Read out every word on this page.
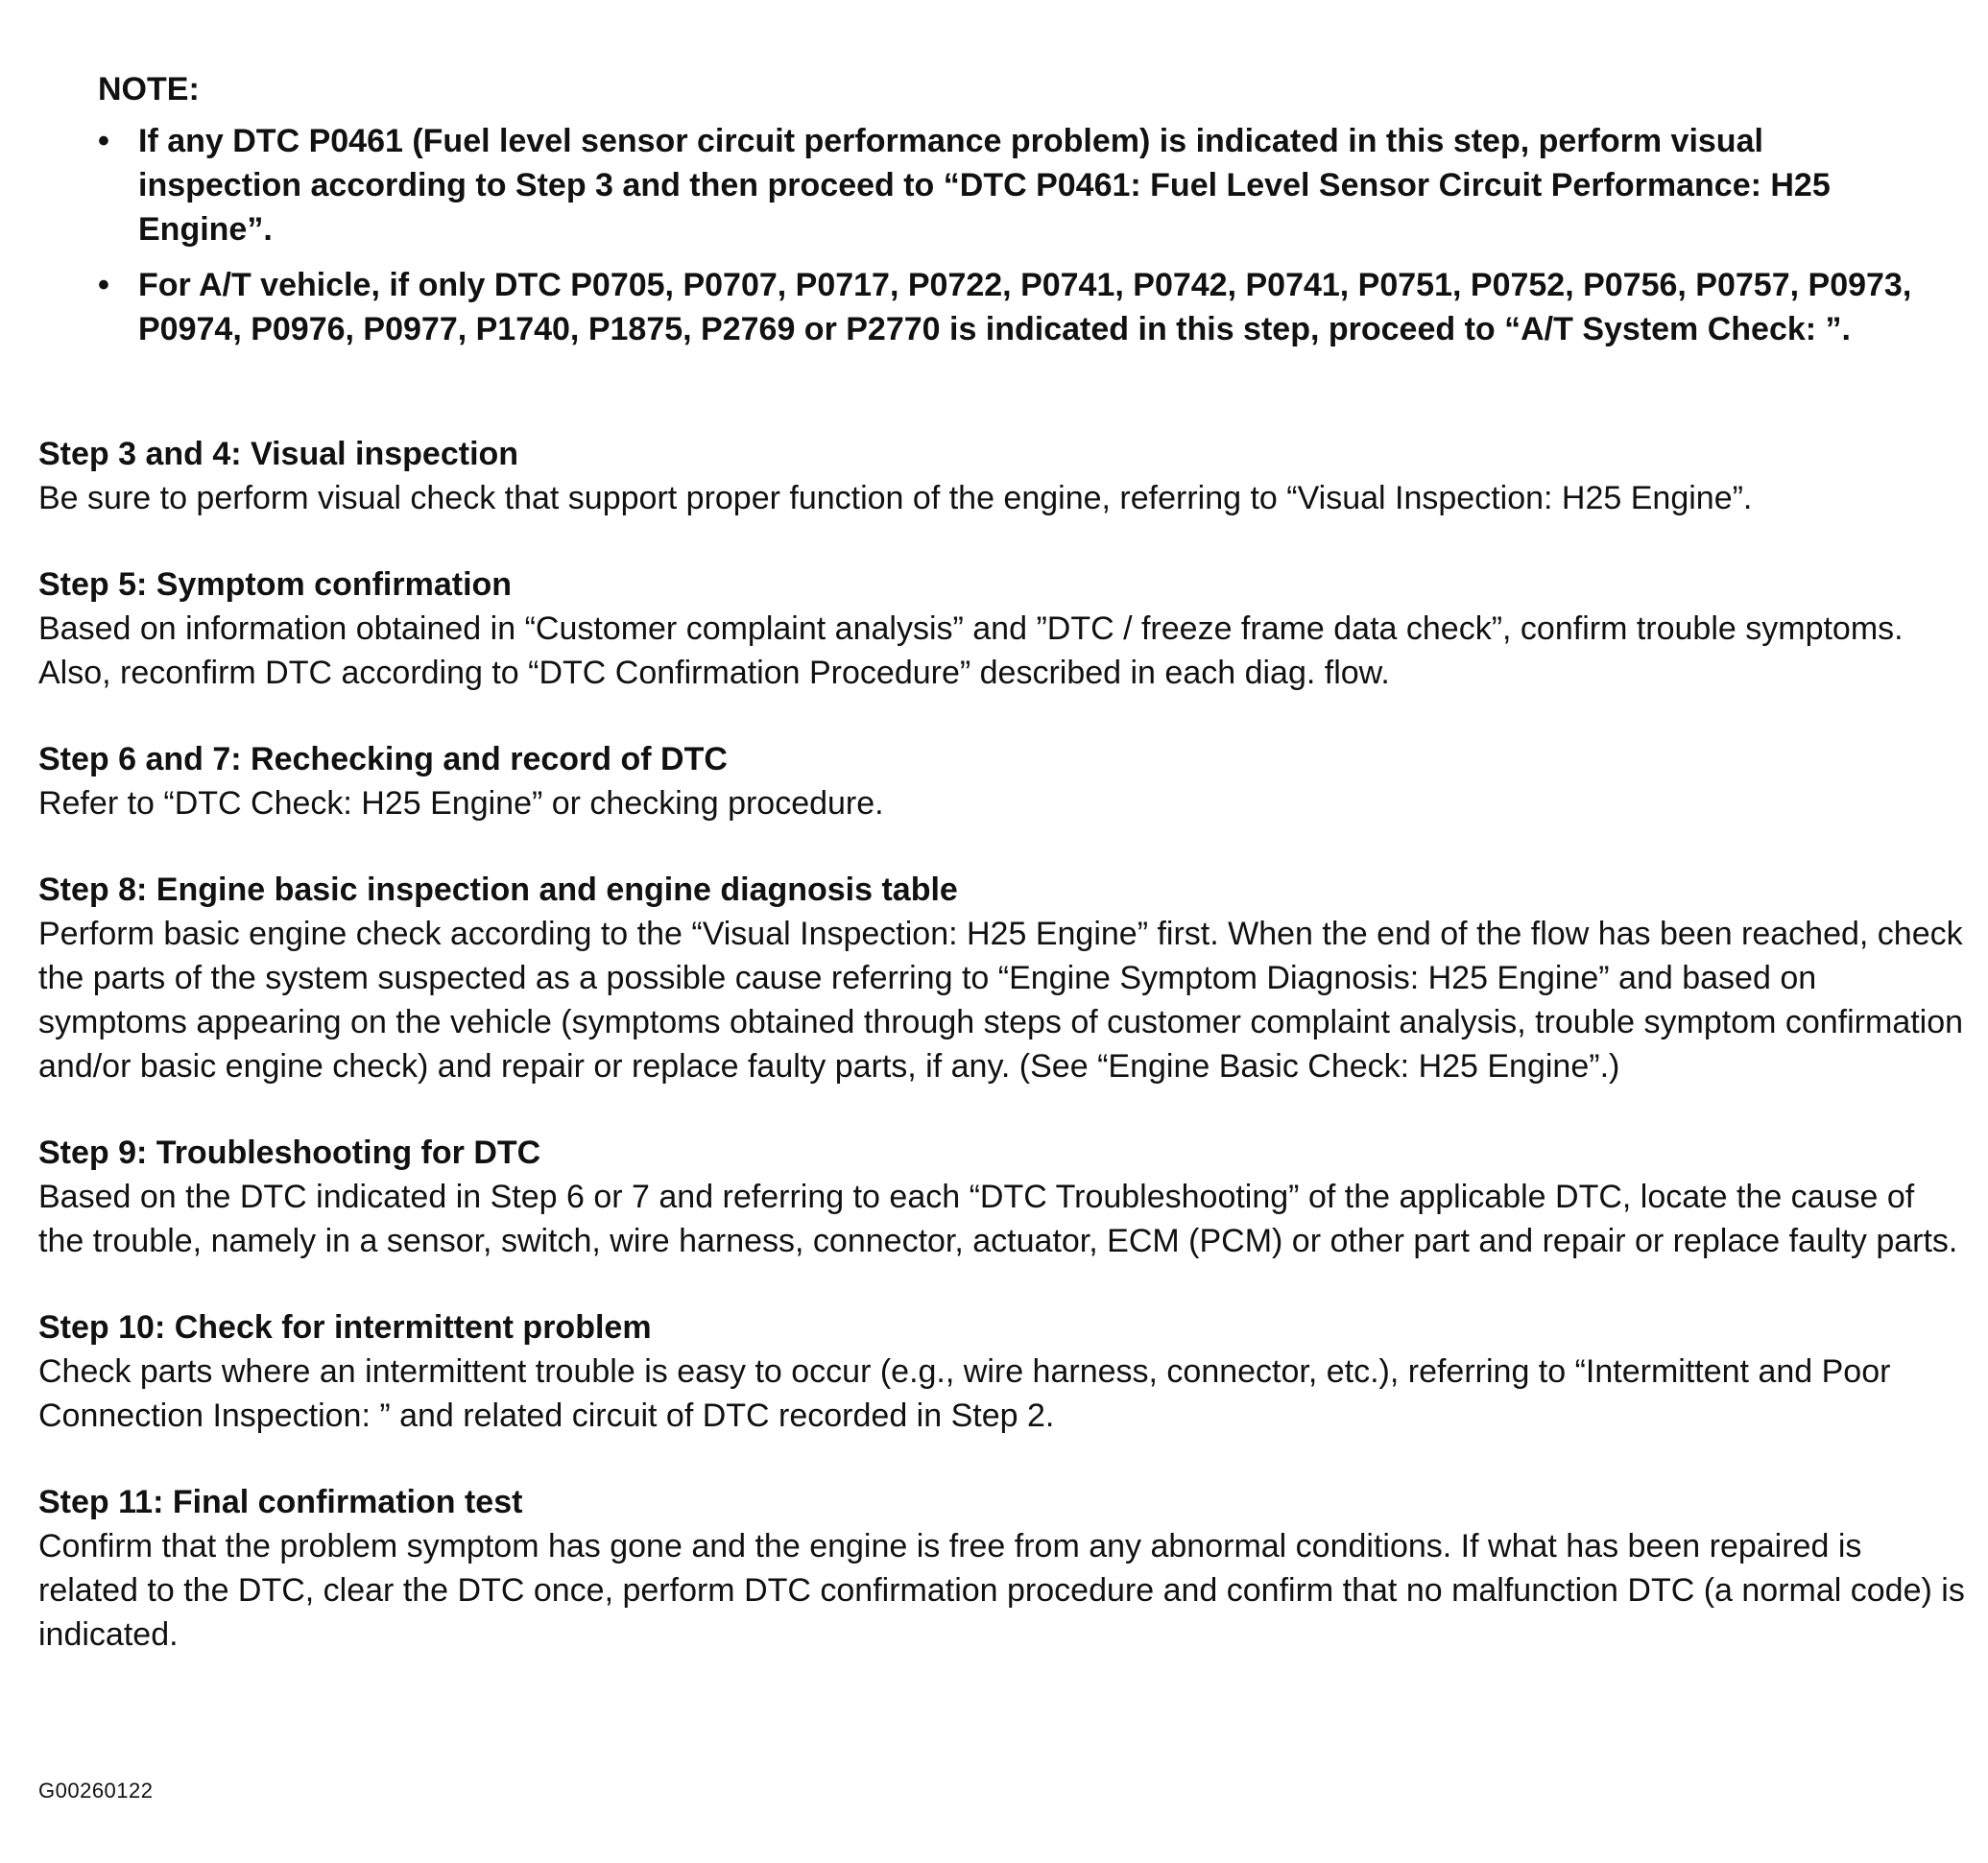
NOTE:
• If any DTC P0461 (Fuel level sensor circuit performance problem) is indicated in this step, perform visual inspection according to Step 3 and then proceed to “DTC P0461: Fuel Level Sensor Circuit Performance: H25 Engine”.
• For A/T vehicle, if only DTC P0705, P0707, P0717, P0722, P0741, P0742, P0741, P0751, P0752, P0756, P0757, P0973, P0974, P0976, P0977, P1740, P1875, P2769 or P2770 is indicated in this step, proceed to “A/T System Check: ”.

Step 3 and 4: Visual inspection

Be sure to perform visual check that support proper function of the engine, referring to “Visual Inspection: H25 Engine”.

Step 5: Symptom confirmation

Based on information obtained in “Customer complaint analysis” and ”DTC / freeze frame data check”, confirm trouble symptoms. Also, reconfirm DTC according to “DTC Confirmation Procedure” described in each diag. flow.

Step 6 and 7: Rechecking and record of DTC

Refer to “DTC Check: H25 Engine” or checking procedure.

Step 8: Engine basic inspection and engine diagnosis table

Perform basic engine check according to the “Visual Inspection: H25 Engine” first. When the end of the flow has been reached, check the parts of the system suspected as a possible cause referring to “Engine Symptom Diagnosis: H25 Engine” and based on symptoms appearing on the vehicle (symptoms obtained through steps of customer complaint analysis, trouble symptom confirmation and/or basic engine check) and repair or replace faulty parts, if any. (See “Engine Basic Check: H25 Engine”.)

Step 9: Troubleshooting for DTC

Based on the DTC indicated in Step 6 or 7 and referring to each “DTC Troubleshooting” of the applicable DTC, locate the cause of the trouble, namely in a sensor, switch, wire harness, connector, actuator, ECM (PCM) or other part and repair or replace faulty parts.

Step 10: Check for intermittent problem

Check parts where an intermittent trouble is easy to occur (e.g., wire harness, connector, etc.), referring to “Intermittent and Poor Connection Inspection: ” and related circuit of DTC recorded in Step 2.

Step 11: Final confirmation test

Confirm that the problem symptom has gone and the engine is free from any abnormal conditions. If what has been repaired is related to the DTC, clear the DTC once, perform DTC confirmation procedure and confirm that no malfunction DTC (a normal code) is indicated.

G00260122
